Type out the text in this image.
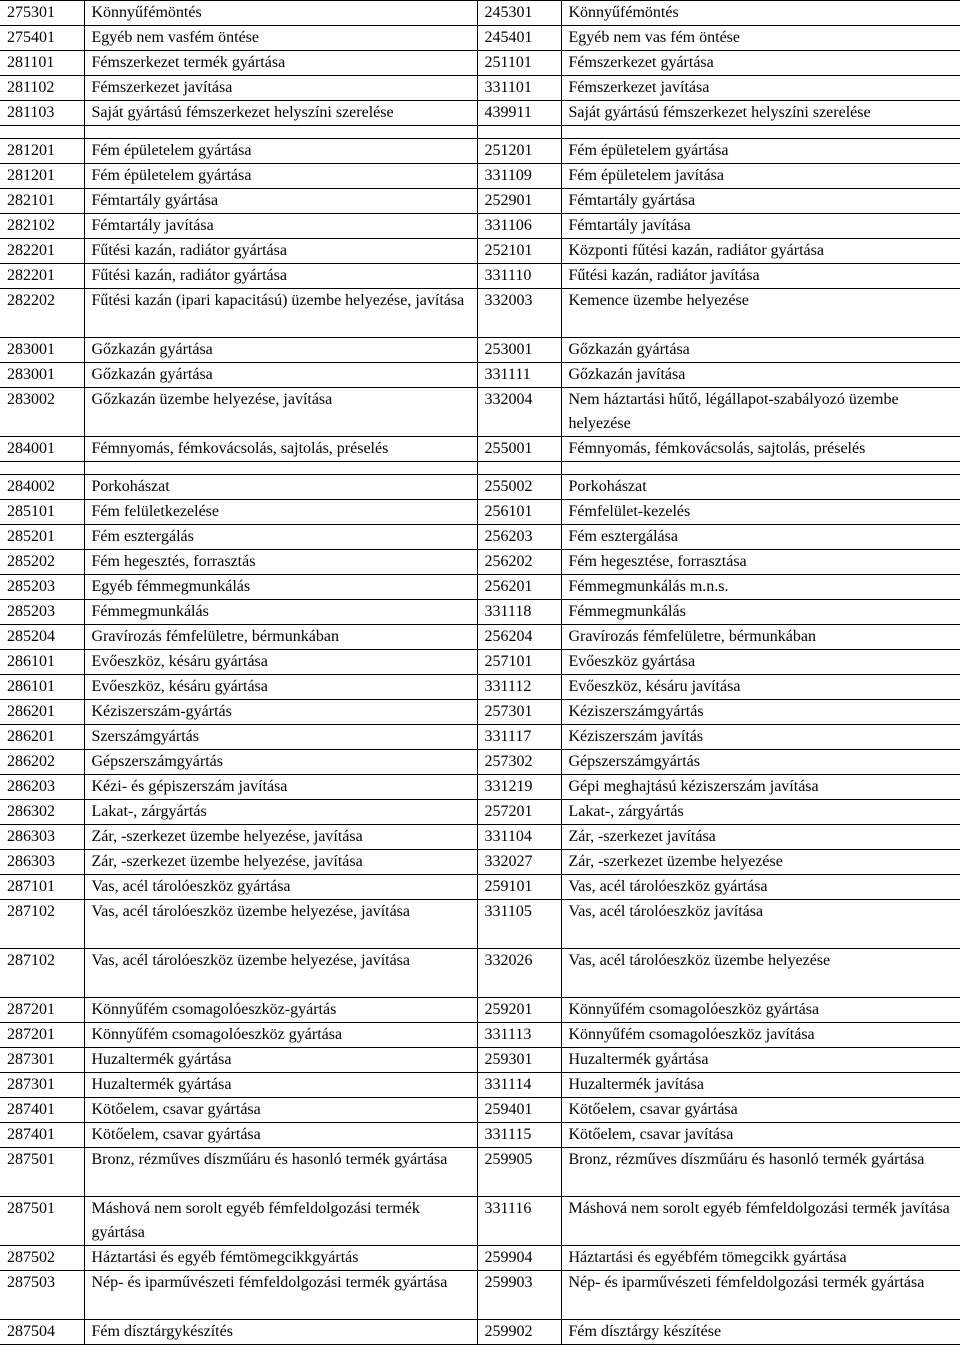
275301	Könnyűfémöntés	245301	Könnyűfémöntés
275401	Egyéb nem vasfém öntése	245401	Egyéb nem vas fém öntése
281101	Fémszerkezet termék gyártása	251101	Fémszerkezet gyártása
281102	Fémszerkezet javítása	331101	Fémszerkezet javítása
281103	Saját gyártású fémszerkezet helyszíni szerelése	439911	Saját gyártású fémszerkezet helyszíni szerelése

281201	Fém épületelem gyártása	251201	Fém épületelem gyártása
281201	Fém épületelem gyártása	331109	Fém épületelem javítása
282101	Fémtartály gyártása	252901	Fémtartály gyártása
282102	Fémtartály javítása	331106	Fémtartály javítása
282201	Fűtési kazán, radiátor gyártása	252101	Központi fűtési kazán, radiátor gyártása
282201	Fűtési kazán, radiátor gyártása	331110	Fűtési kazán, radiátor javítása
282202	Fűtési kazán (ipari kapacitású) üzembe helyezése, javítása	332003	Kemence üzembe helyezése
283001	Gőzkazán gyártása	253001	Gőzkazán gyártása
283001	Gőzkazán gyártása	331111	Gőzkazán javítása
283002	Gőzkazán üzembe helyezése, javítása	332004	Nem háztartási hűtő, légállapot-szabályozó üzembe helyezése
284001	Fémnyomás, fémkovácsolás, sajtolás, préselés	255001	Fémnyomás, fémkovácsolás, sajtolás, préselés

284002	Porkohászat	255002	Porkohászat
285101	Fém felületkezelése	256101	Fémfelület-kezelés
285201	Fém esztergálás	256203	Fém esztergálása
285202	Fém hegesztés, forrasztás	256202	Fém hegesztése, forrasztása
285203	Egyéb fémmegmunkálás	256201	Fémmegmunkálás m.n.s.
285203	Fémmegmunkálás	331118	Fémmegmunkálás
285204	Gravírozás fémfelületre, bérmunkában	256204	Gravírozás fémfelületre, bérmunkában
286101	Evőeszköz, késáru gyártása	257101	Evőeszköz gyártása
286101	Evőeszköz, késáru gyártása	331112	Evőeszköz, késáru javítása
286201	Kéziszerszám-gyártás	257301	Kéziszerszámgyártás
286201	Szerszámgyártás	331117	Kéziszerszám javítás
286202	Gépszerszámgyártás	257302	Gépszerszámgyártás
286203	Kézi- és gépiszerszám javítása	331219	Gépi meghajtású kéziszerszám javítása
286302	Lakat-, zárgyártás	257201	Lakat-, zárgyártás
286303	Zár, -szerkezet üzembe helyezése, javítása	331104	Zár, -szerkezet javítása
286303	Zár, -szerkezet üzembe helyezése, javítása	332027	Zár, -szerkezet üzembe helyezése
287101	Vas, acél tárolóeszköz gyártása	259101	Vas, acél tárolóeszköz gyártása
287102	Vas, acél tárolóeszköz üzembe helyezése, javítása	331105	Vas, acél tárolóeszköz javítása
287102	Vas, acél tárolóeszköz üzembe helyezése, javítása	332026	Vas, acél tárolóeszköz üzembe helyezése
287201	Könnyűfém csomagolóeszköz-gyártás	259201	Könnyűfém csomagolóeszköz gyártása
287201	Könnyűfém csomagolóeszköz gyártása	331113	Könnyűfém csomagolóeszköz javítása
287301	Huzaltermék gyártása	259301	Huzaltermék gyártása
287301	Huzaltermék gyártása	331114	Huzaltermék javítása
287401	Kötőelem, csavar gyártása	259401	Kötőelem, csavar gyártása
287401	Kötőelem, csavar gyártása	331115	Kötőelem, csavar javítása
287501	Bronz, rézműves díszműáru és hasonló termék gyártása	259905	Bronz, rézműves díszműáru és hasonló termék gyártása
287501	Máshová nem sorolt egyéb fémfeldolgozási termék gyártása	331116	Máshová nem sorolt egyéb fémfeldolgozási termék javítása
287502	Háztartási és egyéb fémtömegcikkgyártás	259904	Háztartási és egyébfém tömegcikk gyártása
287503	Nép- és iparművészeti fémfeldolgozási termék gyártása	259903	Nép- és iparművészeti fémfeldolgozási termék gyártása
287504	Fém dísztárgykészítés	259902	Fém dísztárgy készítése
